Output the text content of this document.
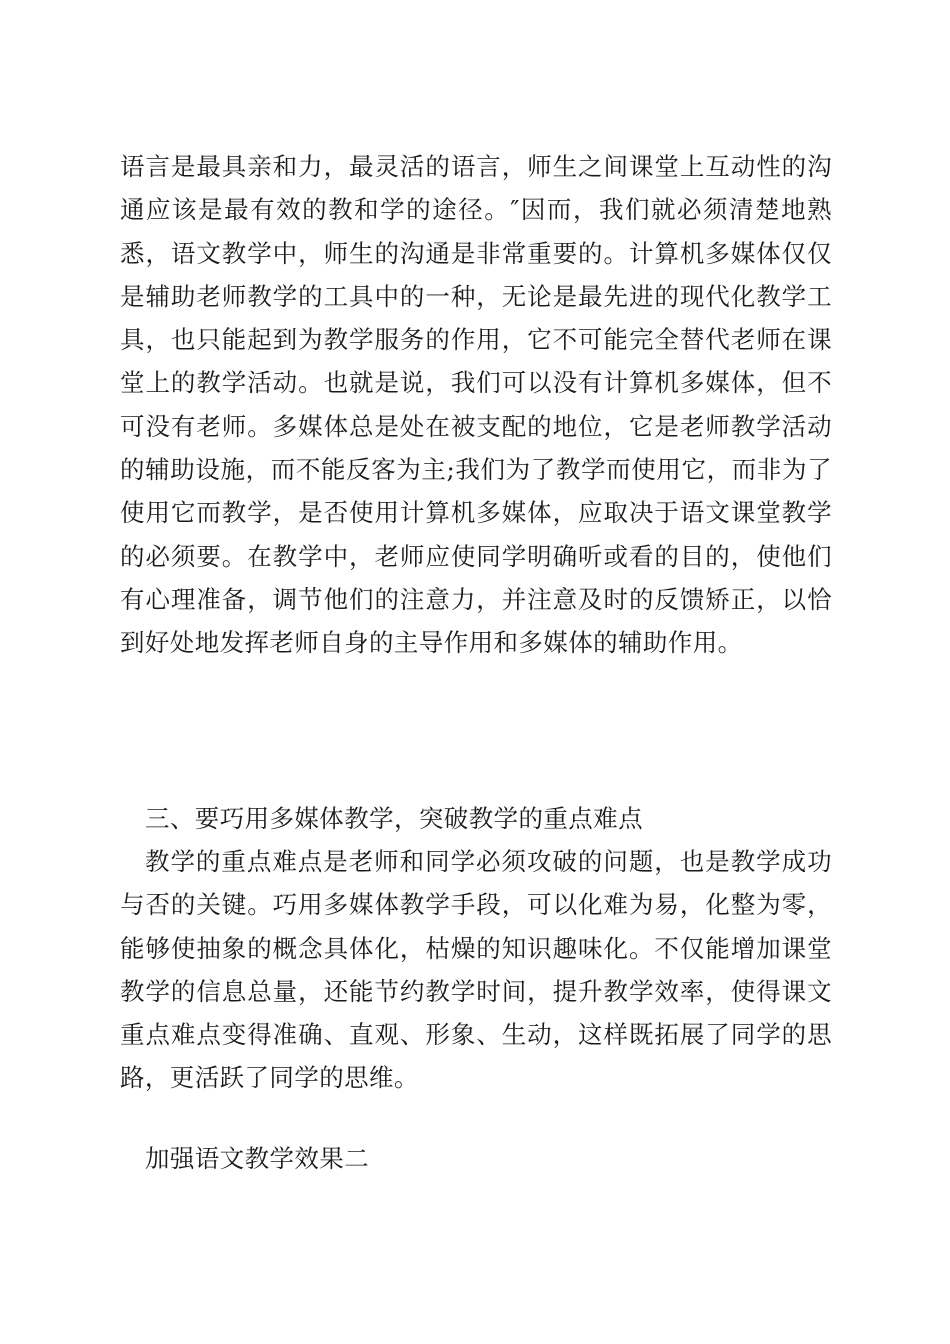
语言是最具亲和力，最灵活的语言，师生之间课堂上互动性的沟通应该是最有效的教和学的途径。″因而，我们就必须清楚地熟悉，语文教学中，师生的沟通是非常重要的。计算机多媒体仅仅是辅助老师教学的工具中的一种，无论是最先进的现代化教学工具，也只能起到为教学服务的作用，它不可能完全替代老师在课堂上的教学活动。也就是说，我们可以没有计算机多媒体，但不可没有老师。多媒体总是处在被支配的地位，它是老师教学活动的辅助设施，而不能反客为主;我们为了教学而使用它，而非为了使用它而教学，是否使用计算机多媒体，应取决于语文课堂教学的必须要。在教学中，老师应使同学明确听或看的目的，使他们有心理准备，调节他们的注意力，并注意及时的反馈矫正，以恰到好处地发挥老师自身的主导作用和多媒体的辅助作用。

三、要巧用多媒体教学，突破教学的重点难点

教学的重点难点是老师和同学必须攻破的问题，也是教学成功与否的关键。巧用多媒体教学手段，可以化难为易，化整为零，能够使抽象的概念具体化，枯燥的知识趣味化。不仅能增加课堂教学的信息总量，还能节约教学时间，提升教学效率，使得课文重点难点变得准确、直观、形象、生动，这样既拓展了同学的思路，更活跃了同学的思维。

加强语文教学效果二
